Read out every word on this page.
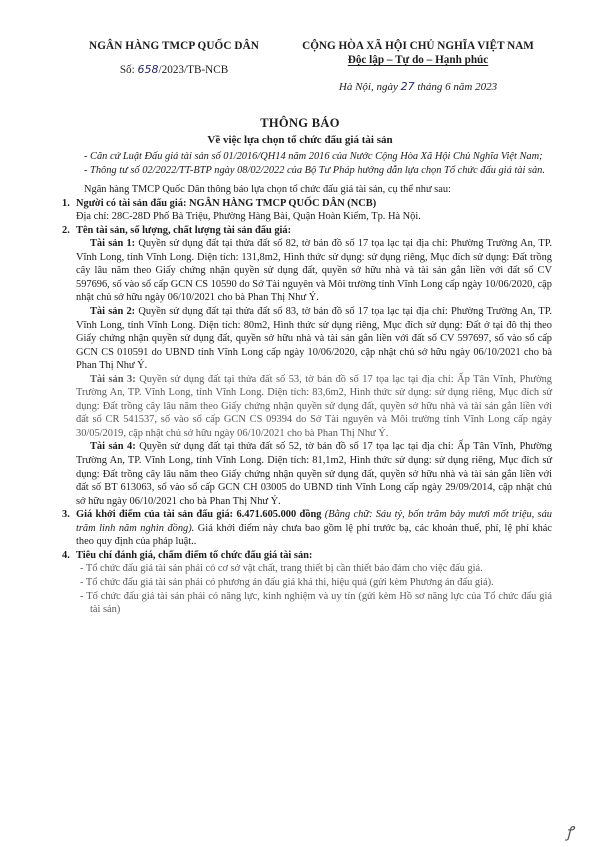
NGÂN HÀNG TMCP QUỐC DÂN
Số: 658/2023/TB-NCB
CỘNG HÒA XÃ HỘI CHỦ NGHĨA VIỆT NAM
Độc lập – Tự do – Hạnh phúc
Hà Nội, ngày 27 tháng 6 năm 2023
THÔNG BÁO
Về việc lựa chọn tổ chức đấu giá tài sản

- Căn cứ Luật Đấu giá tài sản số 01/2016/QH14 năm 2016 của Nước Cộng Hòa Xã Hội Chủ Nghĩa Việt Nam;

- Thông tư số 02/2022/TT-BTP ngày 08/02/2022 của Bộ Tư Pháp hướng dẫn lựa chọn Tổ chức đấu giá tài sản.

Ngân hàng TMCP Quốc Dân thông báo lựa chọn tổ chức đấu giá tài sản, cụ thể như sau:

1. Người có tài sản đấu giá: NGÂN HÀNG TMCP QUỐC DÂN (NCB)

Địa chỉ: 28C-28D Phố Bà Triệu, Phường Hàng Bài, Quận Hoàn Kiếm, Tp. Hà Nội.

2. Tên tài sản, số lượng, chất lượng tài sản đấu giá:

Tài sản 1: Quyền sử dụng đất tại thửa đất số 82, tờ bản đồ số 17 tọa lạc tại địa chỉ: Phường Trường An, TP. Vĩnh Long, tỉnh Vĩnh Long. Diện tích: 131,8m2, Hình thức sử dụng: sử dụng riêng, Mục đích sử dụng: Đất trồng cây lâu năm theo Giấy chứng nhận quyền sử dụng đất, quyền sở hữu nhà và tài sản gắn liền với đất số CV 597696, số vào sổ cấp GCN CS 10590 do Sở Tài nguyên và Môi trường tỉnh Vĩnh Long cấp ngày 10/06/2020, cập nhật chủ sở hữu ngày 06/10/2021 cho bà Phan Thị Như Ý.

Tài sản 2: Quyền sử dụng đất tại thửa đất số 83, tờ bản đồ số 17 tọa lạc tại địa chỉ: Phường Trường An, TP. Vĩnh Long, tỉnh Vĩnh Long. Diện tích: 80m2, Hình thức sử dụng riêng, Mục đích sử dụng: Đất ở tại đô thị theo Giấy chứng nhận quyền sử dụng đất, quyền sở hữu nhà và tài sản gắn liền với đất số CV 597697, số vào sổ cấp GCN CS 010591 do UBND tỉnh Vĩnh Long cấp ngày 10/06/2020, cập nhật chủ sở hữu ngày 06/10/2021 cho bà Phan Thị Như Ý.

Tài sản 3: Quyền sử dụng đất tại thửa đất số 53, tờ bản đồ số 17 tọa lạc tại địa chỉ: Ấp Tân Vĩnh, Phường Trường An, TP. Vĩnh Long, tỉnh Vĩnh Long. Diện tích: 83,6m2, Hình thức sử dụng: sử dụng riêng, Mục đích sử dụng: Đất trồng cây lâu năm theo Giấy chứng nhận quyền sử dụng đất, quyền sở hữu nhà và tài sản gắn liền với đất số CR 541537, số vào sổ cấp GCN CS 09394 do Sở Tài nguyên và Môi trường tỉnh Vĩnh Long cấp ngày 30/05/2019, cập nhật chủ sở hữu ngày 06/10/2021 cho bà Phan Thị Như Ý.

Tài sản 4: Quyền sử dụng đất tại thửa đất số 52, tờ bản đồ số 17 tọa lạc tại địa chỉ: Ấp Tân Vĩnh, Phường Trường An, TP. Vĩnh Long, tỉnh Vĩnh Long. Diện tích: 81,1m2, Hình thức sử dụng: sử dụng riêng, Mục đích sử dụng: Đất trồng cây lâu năm theo Giấy chứng nhận quyền sử dụng đất, quyền sở hữu nhà và tài sản gắn liền với đất số BT 613063, số vào sổ cấp GCN CH 03005 do UBND tỉnh Vĩnh Long cấp ngày 29/09/2014, cập nhật chủ sở hữu ngày 06/10/2021 cho bà Phan Thị Như Ý.

3. Giá khởi điểm của tài sản đấu giá: 6.471.605.000 đồng (Bằng chữ: Sáu tỷ, bốn trăm bảy mươi mốt triệu, sáu trăm linh năm nghìn đồng). Giá khởi điểm này chưa bao gồm lệ phí trước bạ, các khoản thuế, phí, lệ phí khác theo quy định của pháp luật..

4. Tiêu chí đánh giá, chấm điểm tổ chức đấu giá tài sản:

- Tổ chức đấu giá tài sản phải có cơ sở vật chất, trang thiết bị cần thiết bảo đảm cho việc đấu giá.

- Tổ chức đấu giá tài sản phải có phương án đấu giá khả thi, hiệu quả (gửi kèm Phương án đấu giá).

- Tổ chức đấu giá tài sản phải có năng lực, kinh nghiệm và uy tín (gửi kèm Hồ sơ năng lực của Tổ chức đấu giá tài sản)

ꝭ
